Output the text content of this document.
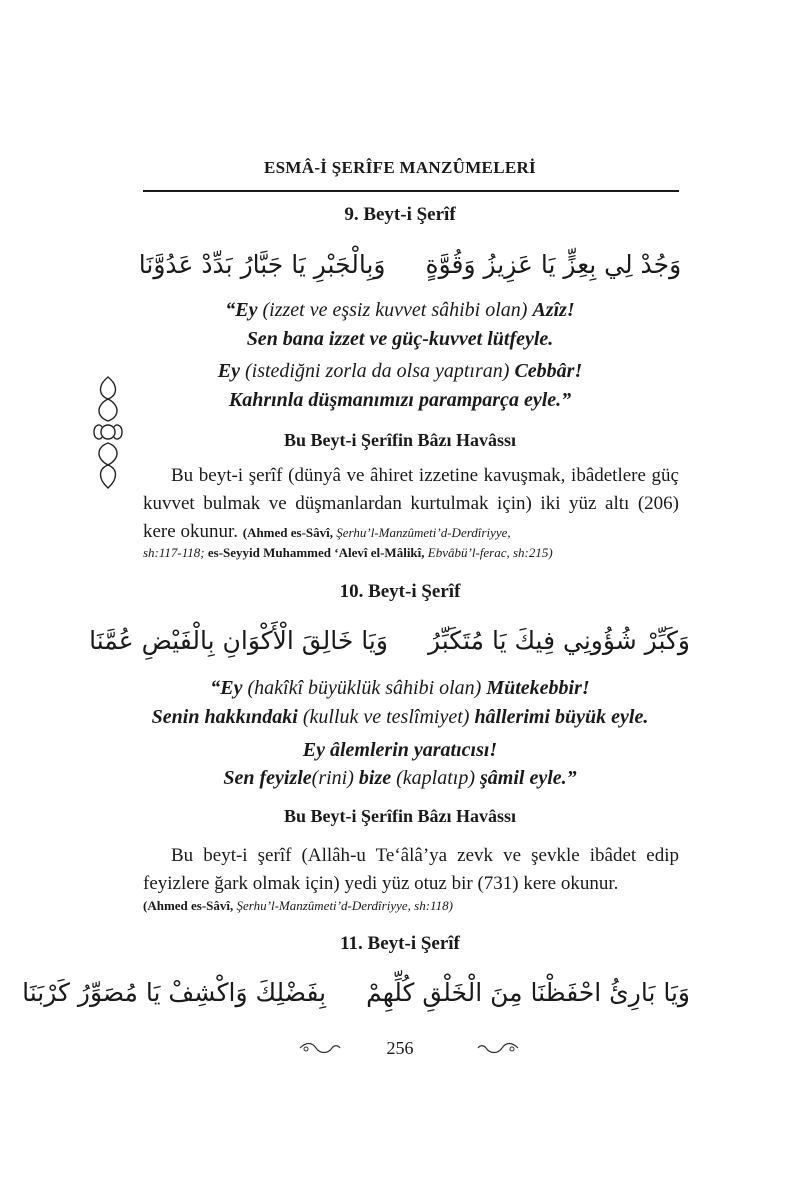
ESMÂ-İ ŞERÎFE MANZÛMELERİ
9. Beyt-i Şerîf
وَجُدْ لِي بِعِزٍّ يَا عَزِيزُ وَقُوَّةٍوَبِالْجَبْرِ يَا جَبَّارُ بَدِّدْ عَدُوَّنَا
“Ey (izzet ve eşsiz kuvvet sâhibi olan) Azîz!
Sen bana izzet ve güç-kuvvet lütfeyle.
Ey (istediğni zorla da olsa yaptıran) Cebbâr!
Kahrınla düşmanımızı paramparça eyle.”
Bu Beyt-i Şerîfin Bâzı Havâssı
Bu beyt-i şerîf (dünyâ ve âhiret izzetine kavuşmak, ibâdetlere güç kuvvet bulmak ve düşmanlardan kurtulmak için) iki yüz altı (206) kere okunur. (Ahmed es-Sâvî, Şerhu’l-Manzûmeti’d-Derdîriyye,
sh:117-118; es-Seyyid Muhammed ‘Alevî el-Mâlikî, Ebvâbü’l-ferac, sh:215)
10. Beyt-i Şerîf
وَكَبِّرْ شُؤُونِي فِيكَ يَا مُتَكَبِّرُوَيَا خَالِقَ الْأَكْوَانِ بِالْفَيْضِ عُمَّنَا
“Ey (hakîkî büyüklük sâhibi olan) Mütekebbir!
Senin hakkındaki (kulluk ve teslîmiyet) hâllerimi büyük eyle.
Ey âlemlerin yaratıcısı!
Sen feyizle(rini) bize (kaplatıp) şâmil eyle.”
Bu Beyt-i Şerîfin Bâzı Havâssı
Bu beyt-i şerîf (Allâh-u Te‘âlâ’ya zevk ve şevkle ibâdet edip feyizlere ğark olmak için) yedi yüz otuz bir (731) kere okunur.
(Ahmed es-Sâvî, Şerhu’l-Manzûmeti’d-Derdîriyye, sh:118)
11. Beyt-i Şerîf
وَيَا بَارِئُ احْفَظْنَا مِنَ الْخَلْقِ كُلِّهِمْبِفَضْلِكَ وَاكْشِفْ يَا مُصَوِّرُ كَرْبَنَا
256
